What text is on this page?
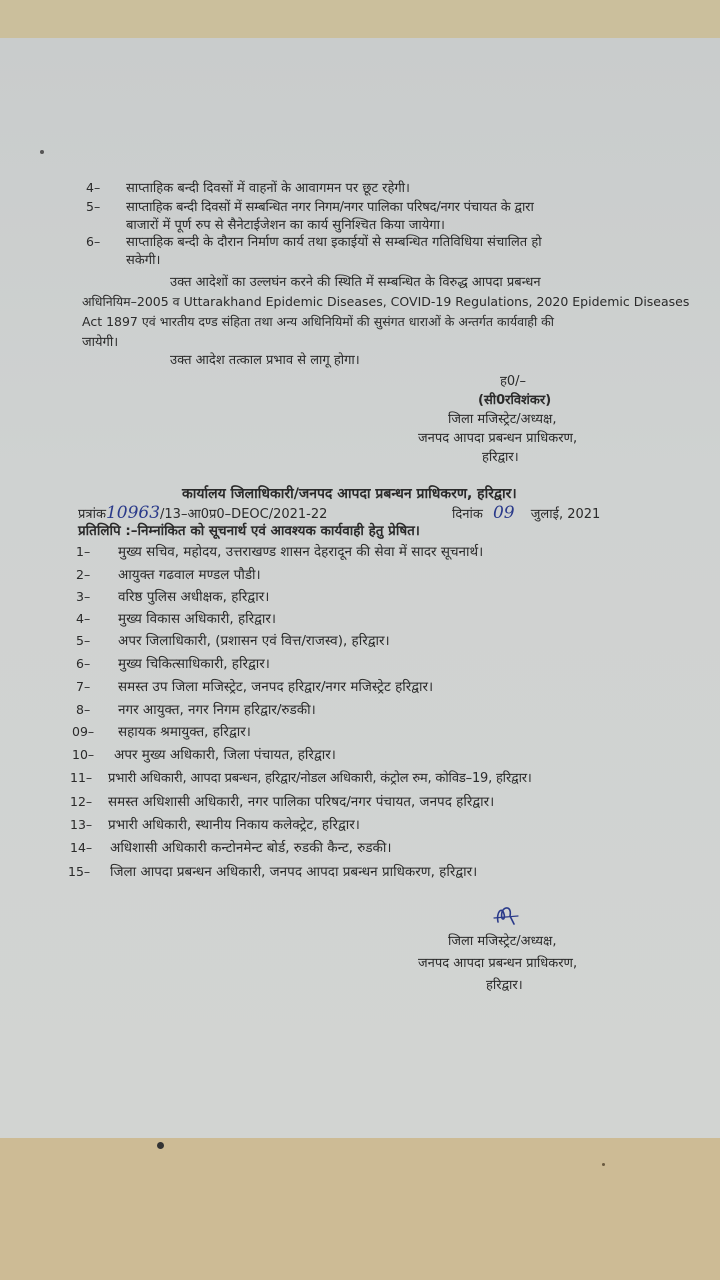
4– साप्ताहिक बन्दी दिवसों में वाहनों के आवागमन पर छूट रहेगी।
5– साप्ताहिक बन्दी दिवसों में सम्बन्धित नगर निगम/नगर पालिका परिषद/नगर पंचायत के द्वारा
बाजारों में पूर्ण रुप से सैनेटाईजेशन का कार्य सुनिश्चित किया जायेगा।
6– साप्ताहिक बन्दी के दौरान निर्माण कार्य तथा इकाईयों से सम्बन्धित गतिविधिया संचालित हो
सकेगी।
उक्त आदेशों का उल्लघंन करने की स्थिति में सम्बन्धित के विरुद्ध आपदा प्रबन्धन
अधिनियिम–2005 व Uttarakhand Epidemic Diseases, COVID-19 Regulations, 2020 Epidemic Diseases
Act 1897 एवं भारतीय दण्ड संहिता तथा अन्य अधिनियिमों की सुसंगत धाराओं के अन्तर्गत कार्यवाही की
जायेगी।
उक्त आदेश तत्काल प्रभाव से लागू होगा।
ह0/–
(सी0रविशंकर)
जिला मजिस्ट्रेट/अध्यक्ष,
जनपद आपदा प्रबन्धन प्राधिकरण,
हरिद्वार।
कार्यालय जिलाधिकारी/जनपद आपदा प्रबन्धन प्राधिकरण, हरिद्वार।
प्रत्रांक10963/13–आ0प्र0–DEOC/2021-22	दिनांक 09 जुलाई, 2021
प्रतिलिपि :–निम्नांकित को सूचनार्थ एवं आवश्यक कार्यवाही हेतु प्रेषित।
1– मुख्य सचिव, महोदय, उत्तराखण्ड शासन देहरादून की सेवा में सादर सूचनार्थ।
2– आयुक्त गढवाल मण्डल पौडी।
3– वरिष्ठ पुलिस अधीक्षक, हरिद्वार।
4– मुख्य विकास अधिकारी, हरिद्वार।
5– अपर जिलाधिकारी, (प्रशासन एवं वित्त/राजस्व), हरिद्वार।
6– मुख्य चिकित्साधिकारी, हरिद्वार।
7– समस्त उप जिला मजिस्ट्रेट, जनपद हरिद्वार/नगर मजिस्ट्रेट हरिद्वार।
8– नगर आयुक्त, नगर निगम हरिद्वार/रुडकी।
09– सहायक श्रमायुक्त, हरिद्वार।
10– अपर मुख्य अधिकारी, जिला पंचायत, हरिद्वार।
11– प्रभारी अधिकारी, आपदा प्रबन्धन, हरिद्वार/नोडल अधिकारी, कंट्रोल रुम, कोविड–19, हरिद्वार।
12– समस्त अधिशासी अधिकारी, नगर पालिका परिषद/नगर पंचायत, जनपद हरिद्वार।
13– प्रभारी अधिकारी, स्थानीय निकाय कलेक्ट्रेट, हरिद्वार।
14– अधिशासी अधिकारी कन्टोनमेन्ट बोर्ड, रुडकी कैन्ट, रुडकी।
15– जिला आपदा प्रबन्धन अधिकारी, जनपद आपदा प्रबन्धन प्राधिकरण, हरिद्वार।
जिला मजिस्ट्रेट/अध्यक्ष,
जनपद आपदा प्रबन्धन प्राधिकरण,
हरिद्वार।
